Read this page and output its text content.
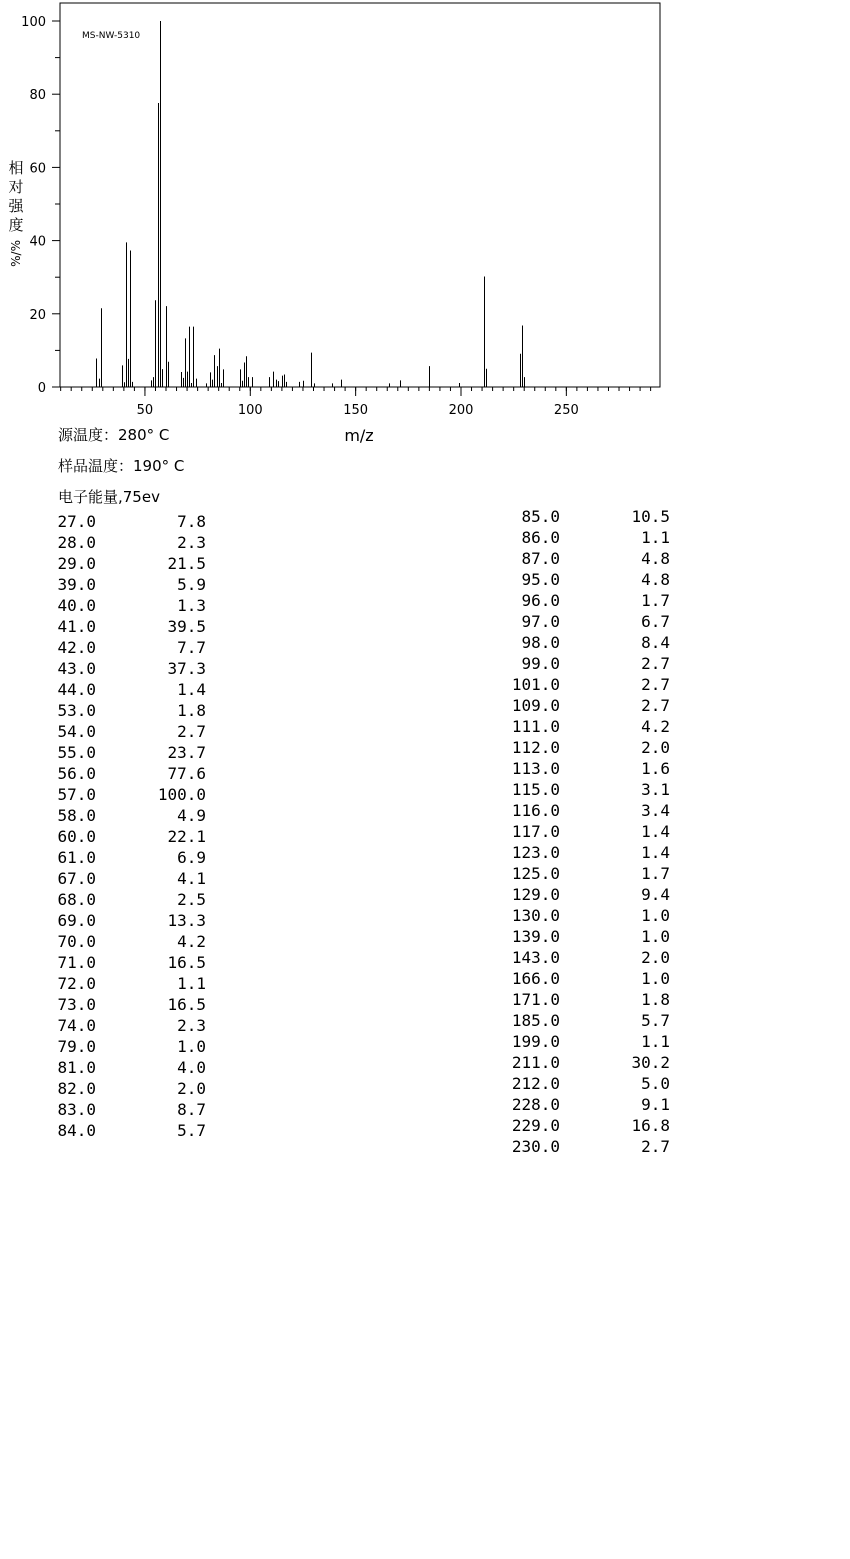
50	100	150	200	250
0
20
40
60
80
100
MS-NW-5310
m/z
相
对
强
度
%/%
源温度：280° C
样品温度：190° C
电子能量,75ev
27.0	7.8
28.0	2.3
29.0	21.5
39.0	5.9
40.0	1.3
41.0	39.5
42.0	7.7
43.0	37.3
44.0	1.4
53.0	1.8
54.0	2.7
55.0	23.7
56.0	77.6
57.0	100.0
58.0	4.9
60.0	22.1
61.0	6.9
67.0	4.1
68.0	2.5
69.0	13.3
70.0	4.2
71.0	16.5
72.0	1.1
73.0	16.5
74.0	2.3
79.0	1.0
81.0	4.0
82.0	2.0
83.0	8.7
84.0	5.7
85.0	10.5
86.0	1.1
87.0	4.8
95.0	4.8
96.0	1.7
97.0	6.7
98.0	8.4
99.0	2.7
101.0	2.7
109.0	2.7
111.0	4.2
112.0	2.0
113.0	1.6
115.0	3.1
116.0	3.4
117.0	1.4
123.0	1.4
125.0	1.7
129.0	9.4
130.0	1.0
139.0	1.0
143.0	2.0
166.0	1.0
171.0	1.8
185.0	5.7
199.0	1.1
211.0	30.2
212.0	5.0
228.0	9.1
229.0	16.8
230.0	2.7
